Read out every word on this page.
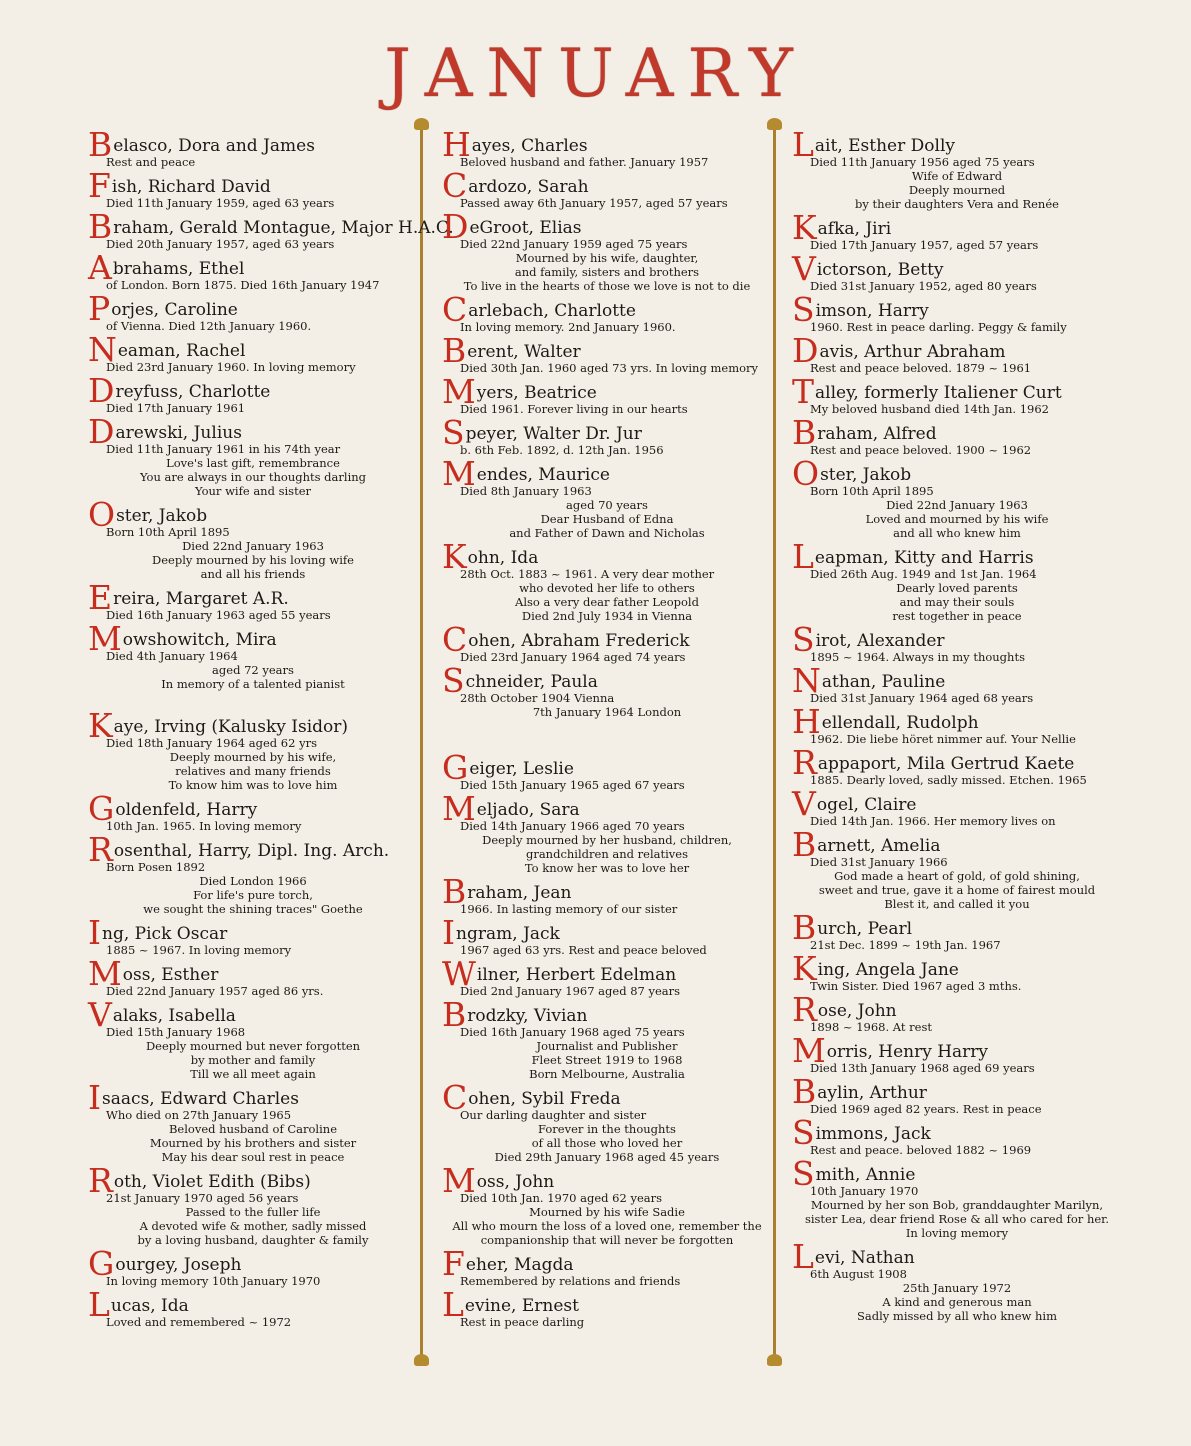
JANUARY
Belasco, Dora and James
Rest and peace
Fish, Richard David
Died 11th January 1959, aged 63 years
Braham, Gerald Montague, Major H.A.C.
Died 20th January 1957, aged 63 years
Abrahams, Ethel
of London. Born 1875. Died 16th January 1947
Porjes, Caroline
of Vienna. Died 12th January 1960.
Neaman, Rachel
Died 23rd January 1960. In loving memory
Dreyfuss, Charlotte
Died 17th January 1961
Darewski, Julius
Died 11th January 1961 in his 74th year
Love's last gift, remembrance
You are always in our thoughts darling
Your wife and sister
Oster, Jakob
Born 10th April 1895
Died 22nd January 1963
Deeply mourned by his loving wife
and all his friends
Ereira, Margaret A.R.
Died 16th January 1963 aged 55 years
Mowshowitch, Mira
Died 4th January 1964
aged 72 years
In memory of a talented pianist
Kaye, Irving (Kalusky Isidor)
Died 18th January 1964 aged 62 yrs
Deeply mourned by his wife,
relatives and many friends
To know him was to love him
Goldenfeld, Harry
10th Jan. 1965. In loving memory
Rosenthal, Harry, Dipl. Ing. Arch.
Born Posen 1892
Died London 1966
For life's pure torch,
we sought the shining traces" Goethe
Ing, Pick Oscar
1885 ~ 1967. In loving memory
Moss, Esther
Died 22nd January 1957 aged 86 yrs.
Valaks, Isabella
Died 15th January 1968
Deeply mourned but never forgotten
by mother and family
Till we all meet again
Isaacs, Edward Charles
Who died on 27th January 1965
Beloved husband of Caroline
Mourned by his brothers and sister
May his dear soul rest in peace
Roth, Violet Edith (Bibs)
21st January 1970 aged 56 years
Passed to the fuller life
A devoted wife & mother, sadly missed
by a loving husband, daughter & family
Gourgey, Joseph
In loving memory 10th January 1970
Lucas, Ida
Loved and remembered ~ 1972
Hayes, Charles
Beloved husband and father. January 1957
Cardozo, Sarah
Passed away 6th January 1957, aged 57 years
DeGroot, Elias
Died 22nd January 1959 aged 75 years
Mourned by his wife, daughter,
and family, sisters and brothers
To live in the hearts of those we love is not to die
Carlebach, Charlotte
In loving memory. 2nd January 1960.
Berent, Walter
Died 30th Jan. 1960 aged 73 yrs. In loving memory
Myers, Beatrice
Died 1961. Forever living in our hearts
Speyer, Walter Dr. Jur
b. 6th Feb. 1892, d. 12th Jan. 1956
Mendes, Maurice
Died 8th January 1963
aged 70 years
Dear Husband of Edna
and Father of Dawn and Nicholas
Kohn, Ida
28th Oct. 1883 ~ 1961. A very dear mother
who devoted her life to others
Also a very dear father Leopold
Died 2nd July 1934 in Vienna
Cohen, Abraham Frederick
Died 23rd January 1964 aged 74 years
Schneider, Paula
28th October 1904 Vienna
7th January 1964 London
Geiger, Leslie
Died 15th January 1965 aged 67 years
Meljado, Sara
Died 14th January 1966 aged 70 years
Deeply mourned by her husband, children,
grandchildren and relatives
To know her was to love her
Braham, Jean
1966. In lasting memory of our sister
Ingram, Jack
1967 aged 63 yrs. Rest and peace beloved
Wilner, Herbert Edelman
Died 2nd January 1967 aged 87 years
Brodzky, Vivian
Died 16th January 1968 aged 75 years
Journalist and Publisher
Fleet Street 1919 to 1968
Born Melbourne, Australia
Cohen, Sybil Freda
Our darling daughter and sister
Forever in the thoughts
of all those who loved her
Died 29th January 1968 aged 45 years
Moss, John
Died 10th Jan. 1970 aged 62 years
Mourned by his wife Sadie
All who mourn the loss of a loved one, remember the
companionship that will never be forgotten
Feher, Magda
Remembered by relations and friends
Levine, Ernest
Rest in peace darling
Lait, Esther Dolly
Died 11th January 1956 aged 75 years
Wife of Edward
Deeply mourned
by their daughters Vera and Renée
Kafka, Jiri
Died 17th January 1957, aged 57 years
Victorson, Betty
Died 31st January 1952, aged 80 years
Simson, Harry
1960. Rest in peace darling. Peggy & family
Davis, Arthur Abraham
Rest and peace beloved. 1879 ~ 1961
Talley, formerly Italiener Curt
My beloved husband died 14th Jan. 1962
Braham, Alfred
Rest and peace beloved. 1900 ~ 1962
Oster, Jakob
Born 10th April 1895
Died 22nd January 1963
Loved and mourned by his wife
and all who knew him
Leapman, Kitty and Harris
Died 26th Aug. 1949 and 1st Jan. 1964
Dearly loved parents
and may their souls
rest together in peace
Sirot, Alexander
1895 ~ 1964. Always in my thoughts
Nathan, Pauline
Died 31st January 1964 aged 68 years
Hellendall, Rudolph
1962. Die liebe höret nimmer auf. Your Nellie
Rappaport, Mila Gertrud Kaete
1885. Dearly loved, sadly missed. Etchen. 1965
Vogel, Claire
Died 14th Jan. 1966. Her memory lives on
Barnett, Amelia
Died 31st January 1966
God made a heart of gold, of gold shining,
sweet and true, gave it a home of fairest mould
Blest it, and called it you
Burch, Pearl
21st Dec. 1899 ~ 19th Jan. 1967
King, Angela Jane
Twin Sister. Died 1967 aged 3 mths.
Rose, John
1898 ~ 1968. At rest
Morris, Henry Harry
Died 13th January 1968 aged 69 years
Baylin, Arthur
Died 1969 aged 82 years. Rest in peace
Simmons, Jack
Rest and peace. beloved 1882 ~ 1969
Smith, Annie
10th January 1970
Mourned by her son Bob, granddaughter Marilyn,
sister Lea, dear friend Rose & all who cared for her.
In loving memory
Levi, Nathan
6th August 1908
25th January 1972
A kind and generous man
Sadly missed by all who knew him
